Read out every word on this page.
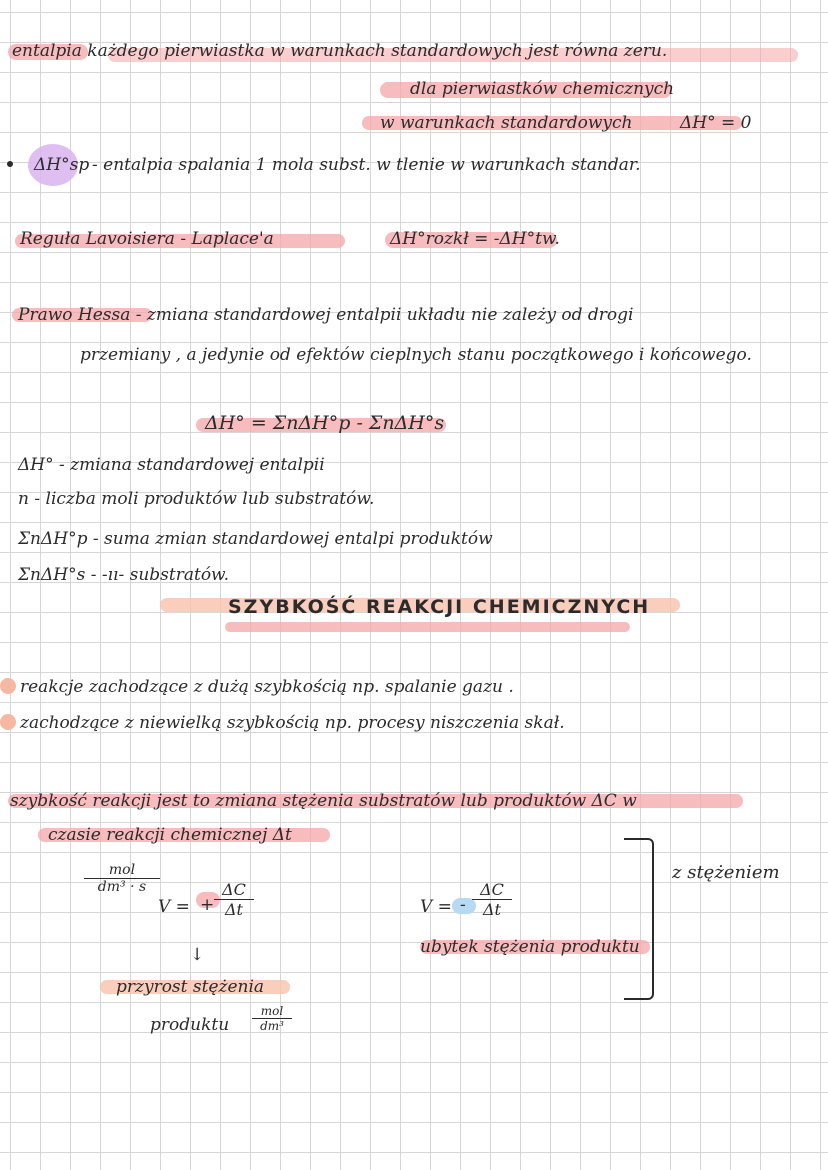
entalpia każdego pierwiastka w warunkach standardowych jest równa zeru.
dla pierwiastków chemicznych
w warunkach standardowych	ΔH° = 0
ΔH°sp - entalpia spalania 1 mola subst. w tlenie w warunkach standar.
Reguła Lavoisiera - Laplace'a	ΔH°rozkł = -ΔH°tw.
Prawo Hessa - zmiana standardowej entalpii układu nie zależy od drogi
przemiany , a jedynie od efektów cieplnych stanu początkowego i końcowego.
ΔH° = ΣnΔH°p - ΣnΔH°s
ΔH° - zmiana standardowej entalpii
n - liczba moli produktów lub substratów.
ΣnΔH°p - suma zmian standardowej entalpi produktów
ΣnΔH°s - -ıı- substratów.
SZYBKOŚĆ REAKCJI CHEMICZNYCH
reakcje zachodzące z dużą szybkością np. spalanie gazu .
zachodzące z niewielką szybkością np. procesy niszczenia skał.
szybkość reakcji jest to zmiana stężenia substratów lub produktów ΔC w
czasie reakcji chemicznej Δt
mol
dm³ · s
V = + $\frac{\Delta C}{\Delta t}$
↓
przyrost stężenia
produktu
mol
dm³
V = - $\frac{\Delta C}{\Delta t}$
ubytek stężenia produktu
z stężeniem
